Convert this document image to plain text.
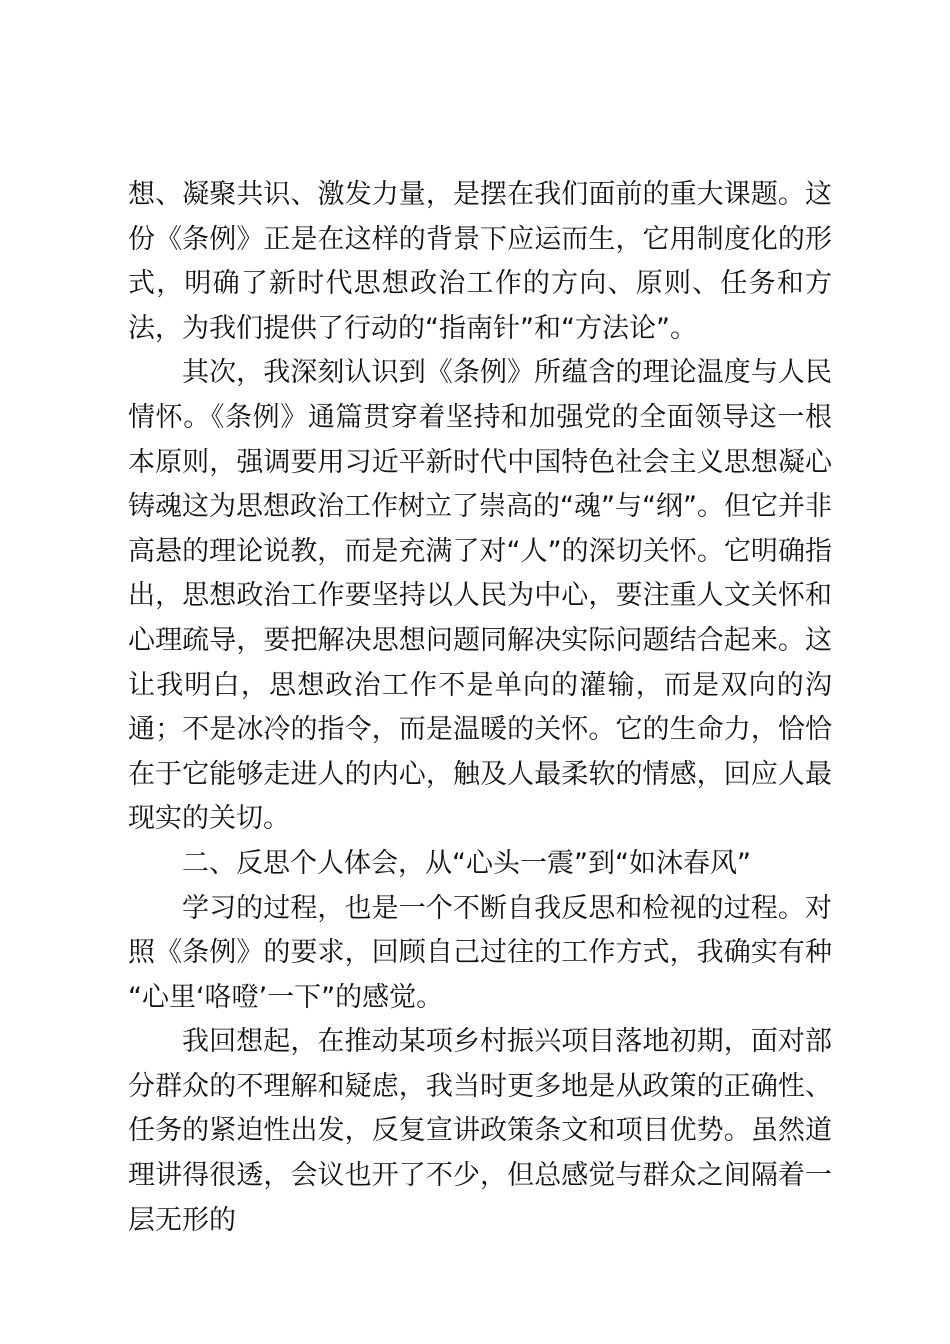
想、凝聚共识、激发力量，是摆在我们面前的重大课题。这份《条例》正是在这样的背景下应运而生，它用制度化的形式，明确了新时代思想政治工作的方向、原则、任务和方法，为我们提供了行动的“指南针”和“方法论”。

其次，我深刻认识到《条例》所蕴含的理论温度与人民情怀。《条例》通篇贯穿着坚持和加强党的全面领导这一根本原则，强调要用习近平新时代中国特色社会主义思想凝心铸魂这为思想政治工作树立了崇高的“魂”与“纲”。但它并非高悬的理论说教，而是充满了对“人”的深切关怀。它明确指出，思想政治工作要坚持以人民为中心，要注重人文关怀和心理疏导，要把解决思想问题同解决实际问题结合起来。这让我明白，思想政治工作不是单向的灌输，而是双向的沟通；不是冰冷的指令，而是温暖的关怀。它的生命力，恰恰在于它能够走进人的内心，触及人最柔软的情感，回应人最现实的关切。

二、反思个人体会，从“心头一震”到“如沐春风”

学习的过程，也是一个不断自我反思和检视的过程。对照《条例》的要求，回顾自己过往的工作方式，我确实有种 “心里‘咯噔’一下”的感觉。

我回想起，在推动某项乡村振兴项目落地初期，面对部分群众的不理解和疑虑，我当时更多地是从政策的正确性、任务的紧迫性出发，反复宣讲政策条文和项目优势。虽然道理讲得很透，会议也开了不少，但总感觉与群众之间隔着一层无形的
